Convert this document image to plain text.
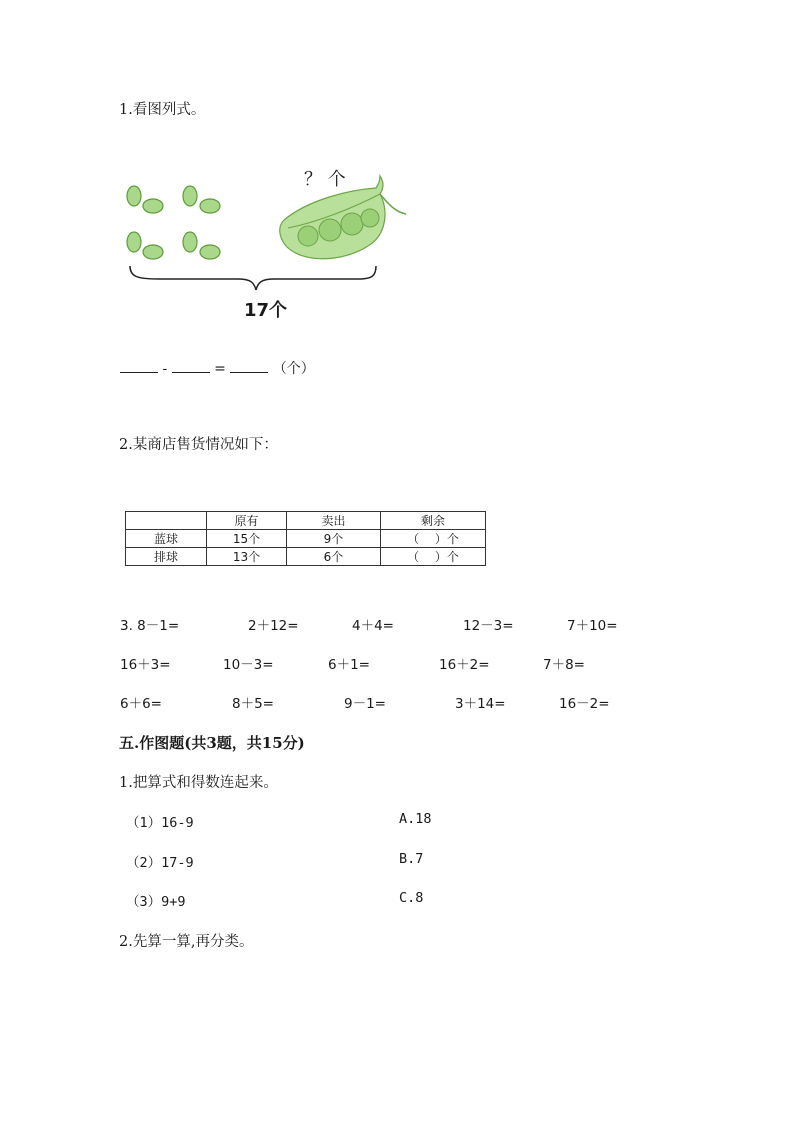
1.看图列式。
？ 个
17个
-	=	（个）
2.某商店售货情况如下：
	原有	卖出	剩余
蓝球	15个	9个	（　 ）个
排球	13个	6个	（　 ）个
3. 8－1=	2＋12=	4＋4=	12－3=	7＋10=
16＋3=	10－3=	6＋1=	16＋2=	7＋8=
6＋6=	8＋5=	9－1=	3＋14=	16－2=
五.作图题(共3题，共15分)
1.把算式和得数连起来。
（1）16-9
（2）17-9
（3）9+9
A.18
B.7
C.8
2.先算一算,再分类。
